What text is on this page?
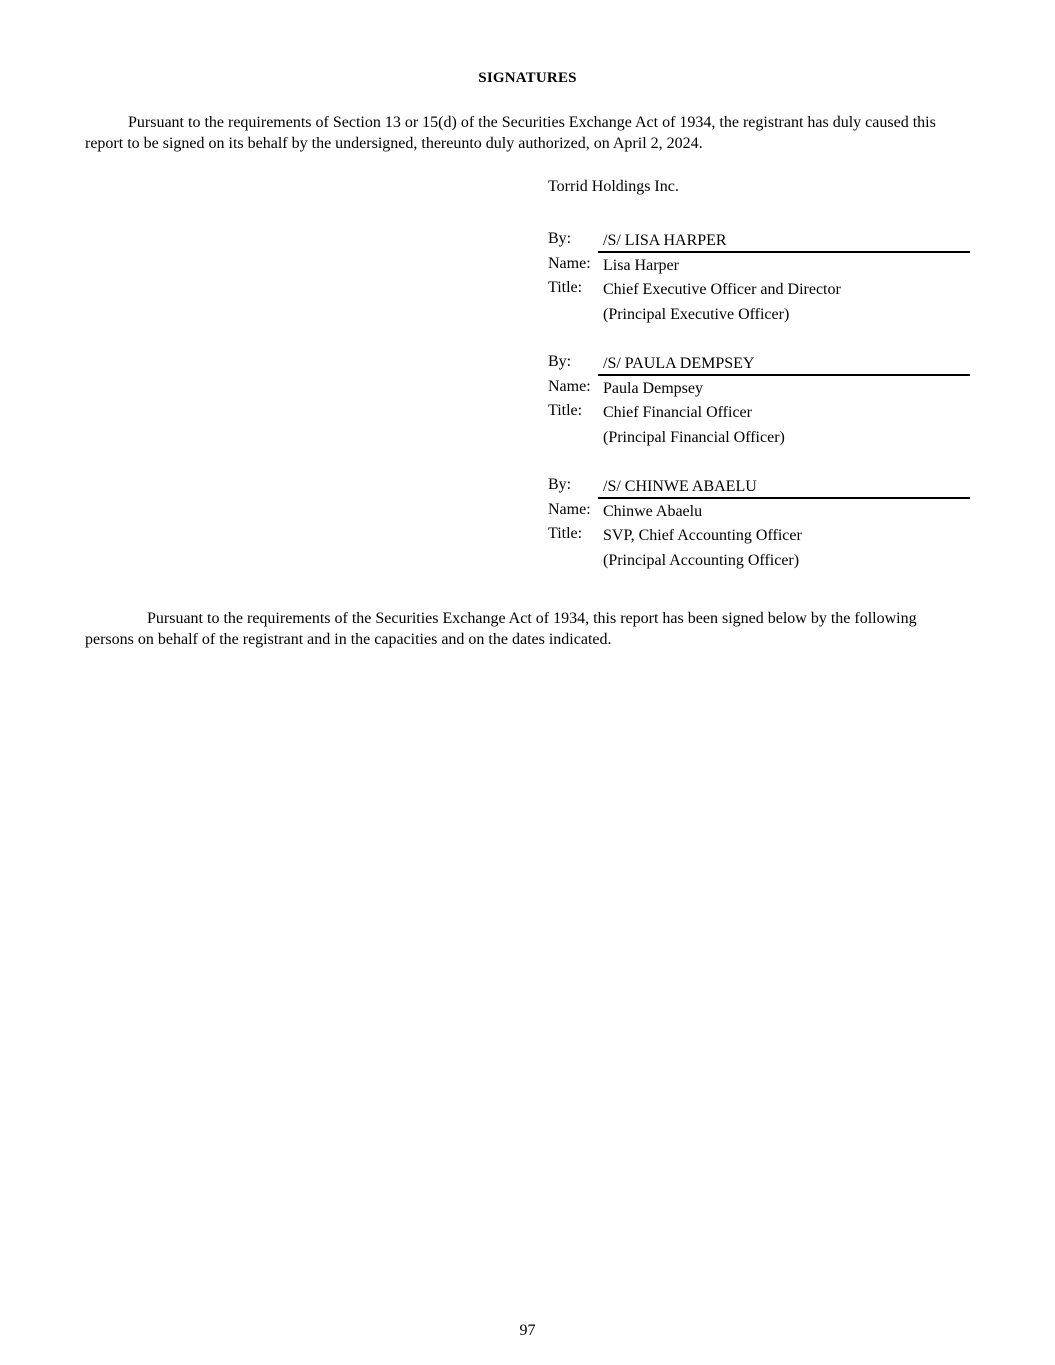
SIGNATURES

Pursuant to the requirements of Section 13 or 15(d) of the Securities Exchange Act of 1934, the registrant has duly caused this report to be signed on its behalf by the undersigned, thereunto duly authorized, on April 2, 2024.

Torrid Holdings Inc.
By: /S/ LISA HARPER
Name: Lisa Harper
Title: Chief Executive Officer and Director
(Principal Executive Officer)
By: /S/ PAULA DEMPSEY
Name: Paula Dempsey
Title: Chief Financial Officer
(Principal Financial Officer)
By: /S/ CHINWE ABAELU
Name: Chinwe Abaelu
Title: SVP, Chief Accounting Officer
(Principal Accounting Officer)

Pursuant to the requirements of the Securities Exchange Act of 1934, this report has been signed below by the following persons on behalf of the registrant and in the capacities and on the dates indicated.

97
